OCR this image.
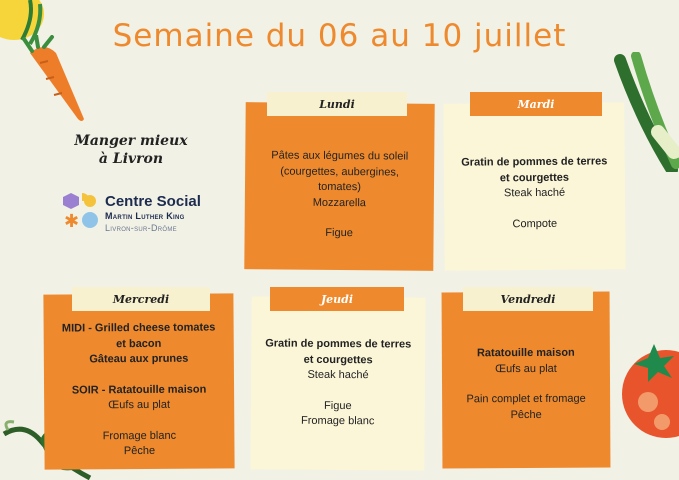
Semaine du 06 au 10 juillet
Manger mieux
à Livron
✱
Centre Social
Martin Luther King
Livron-sur-Drôme
Pâtes aux légumes du soleil
(courgettes, aubergines,
tomates)
Mozzarella
Figue
Lundi
Gratin de pommes de terres
et courgettes
Steak haché
Compote
Mardi
MIDI - Grilled cheese tomates
et bacon
Gâteau aux prunes
SOIR - Ratatouille maison
Œufs au plat
Fromage blanc
Pêche
Mercredi
Gratin de pommes de terres
et courgettes
Steak haché
Figue
Fromage blanc
Jeudi
Ratatouille maison
Œufs au plat
Pain complet et fromage
Pêche
Vendredi
